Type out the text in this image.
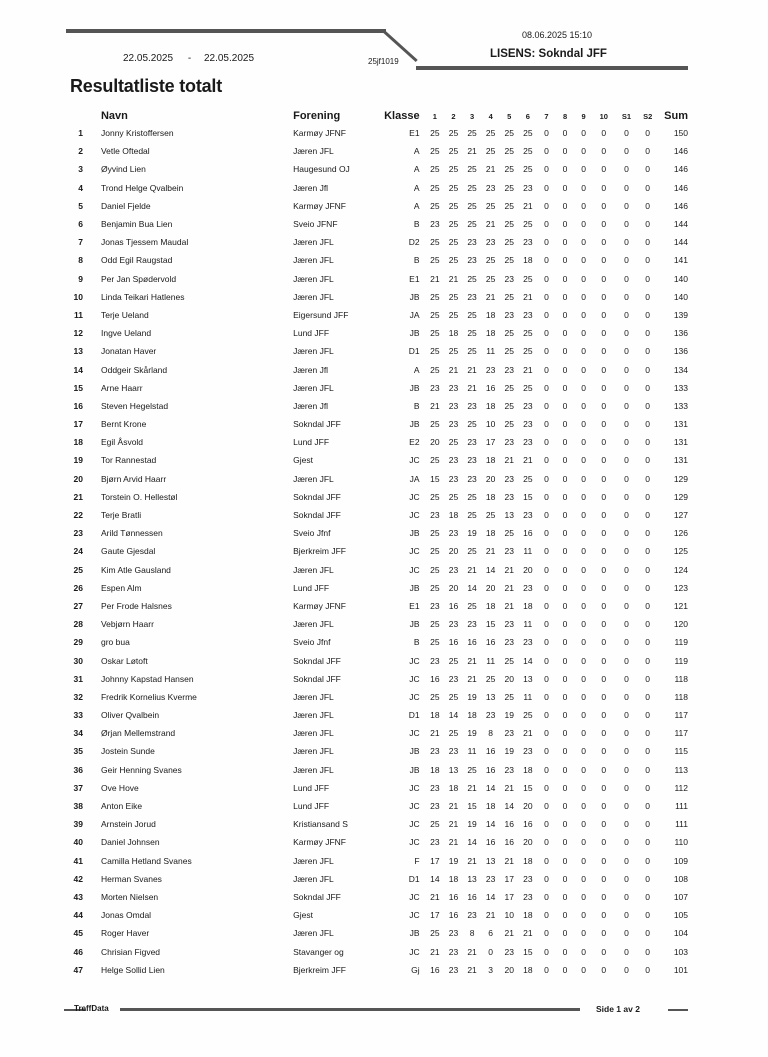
08.06.2025 15:10
22.05.2025 - 22.05.2025	25jf1019
LISENS: Sokndal JFF
Resultatliste totalt
	Navn	Forening	Klasse	1	2	3	4	5	6	7	8	9	10	S1	S2	Sum
1	Jonny Kristoffersen	Karmøy JFNF	E1	25	25	25	25	25	25	0	0	0	0	0	0	150
2	Vetle Oftedal	Jæren JFL	A	25	25	21	25	25	25	0	0	0	0	0	0	146
3	Øyvind Lien	Haugesund OJ	A	25	25	25	21	25	25	0	0	0	0	0	0	146
4	Trond Helge Qvalbein	Jæren Jfl	A	25	25	25	23	25	23	0	0	0	0	0	0	146
5	Daniel Fjelde	Karmøy JFNF	A	25	25	25	25	25	21	0	0	0	0	0	0	146
6	Benjamin Bua Lien	Sveio JFNF	B	23	25	25	21	25	25	0	0	0	0	0	0	144
7	Jonas Tjessem Maudal	Jæren JFL	D2	25	25	23	23	25	23	0	0	0	0	0	0	144
8	Odd Egil Raugstad	Jæren JFL	B	25	25	23	25	25	18	0	0	0	0	0	0	141
9	Per Jan Spødervold	Jæren JFL	E1	21	21	25	25	23	25	0	0	0	0	0	0	140
10	Linda Teikari Hatlenes	Jæren JFL	JB	25	25	23	21	25	21	0	0	0	0	0	0	140
11	Terje Ueland	Eigersund JFF	JA	25	25	25	18	23	23	0	0	0	0	0	0	139
12	Ingve Ueland	Lund JFF	JB	25	18	25	18	25	25	0	0	0	0	0	0	136
13	Jonatan Haver	Jæren JFL	D1	25	25	25	11	25	25	0	0	0	0	0	0	136
14	Oddgeir Skårland	Jæren Jfl	A	25	21	21	23	23	21	0	0	0	0	0	0	134
15	Arne Haarr	Jæren JFL	JB	23	23	21	16	25	25	0	0	0	0	0	0	133
16	Steven Hegelstad	Jæren Jfl	B	21	23	23	18	25	23	0	0	0	0	0	0	133
17	Bernt Krone	Sokndal JFF	JB	25	23	25	10	25	23	0	0	0	0	0	0	131
18	Egil Åsvold	Lund JFF	E2	20	25	23	17	23	23	0	0	0	0	0	0	131
19	Tor Rannestad	Gjest	JC	25	23	23	18	21	21	0	0	0	0	0	0	131
20	Bjørn Arvid Haarr	Jæren JFL	JA	15	23	23	20	23	25	0	0	0	0	0	0	129
21	Torstein O. Hellestøl	Sokndal JFF	JC	25	25	25	18	23	15	0	0	0	0	0	0	129
22	Terje Bratli	Sokndal JFF	JC	23	18	25	25	13	23	0	0	0	0	0	0	127
23	Arild Tønnessen	Sveio Jfnf	JB	25	23	19	18	25	16	0	0	0	0	0	0	126
24	Gaute Gjesdal	Bjerkreim JFF	JC	25	20	25	21	23	11	0	0	0	0	0	0	125
25	Kim Atle Gausland	Jæren JFL	JC	25	23	21	14	21	20	0	0	0	0	0	0	124
26	Espen Alm	Lund JFF	JB	25	20	14	20	21	23	0	0	0	0	0	0	123
27	Per Frode Halsnes	Karmøy JFNF	E1	23	16	25	18	21	18	0	0	0	0	0	0	121
28	Vebjørn Haarr	Jæren JFL	JB	25	23	23	15	23	11	0	0	0	0	0	0	120
29	gro bua	Sveio Jfnf	B	25	16	16	16	23	23	0	0	0	0	0	0	119
30	Oskar Løtoft	Sokndal JFF	JC	23	25	21	11	25	14	0	0	0	0	0	0	119
31	Johnny Kapstad Hansen	Sokndal JFF	JC	16	23	21	25	20	13	0	0	0	0	0	0	118
32	Fredrik Kornelius Kverme	Jæren JFL	JC	25	25	19	13	25	11	0	0	0	0	0	0	118
33	Oliver Qvalbein	Jæren JFL	D1	18	14	18	23	19	25	0	0	0	0	0	0	117
34	Ørjan Mellemstrand	Jæren JFL	JC	21	25	19	8	23	21	0	0	0	0	0	0	117
35	Jostein Sunde	Jæren JFL	JB	23	23	11	16	19	23	0	0	0	0	0	0	115
36	Geir Henning Svanes	Jæren JFL	JB	18	13	25	16	23	18	0	0	0	0	0	0	113
37	Ove Hove	Lund JFF	JC	23	18	21	14	21	15	0	0	0	0	0	0	112
38	Anton Eike	Lund JFF	JC	23	21	15	18	14	20	0	0	0	0	0	0	111
39	Arnstein Jorud	Kristiansand S	JC	25	21	19	14	16	16	0	0	0	0	0	0	111
40	Daniel Johnsen	Karmøy JFNF	JC	23	21	14	16	16	20	0	0	0	0	0	0	110
41	Camilla Hetland Svanes	Jæren JFL	F	17	19	21	13	21	18	0	0	0	0	0	0	109
42	Herman Svanes	Jæren JFL	D1	14	18	13	23	17	23	0	0	0	0	0	0	108
43	Morten Nielsen	Sokndal JFF	JC	21	16	16	14	17	23	0	0	0	0	0	0	107
44	Jonas Omdal	Gjest	JC	17	16	23	21	10	18	0	0	0	0	0	0	105
45	Roger Haver	Jæren JFL	JB	25	23	8	6	21	21	0	0	0	0	0	0	104
46	Chrisian Figved	Stavanger og	JC	21	23	21	0	23	15	0	0	0	0	0	0	103
47	Helge Sollid Lien	Bjerkreim JFF	Gj	16	23	21	3	20	18	0	0	0	0	0	0	101
TreffData	Side 1 av 2
